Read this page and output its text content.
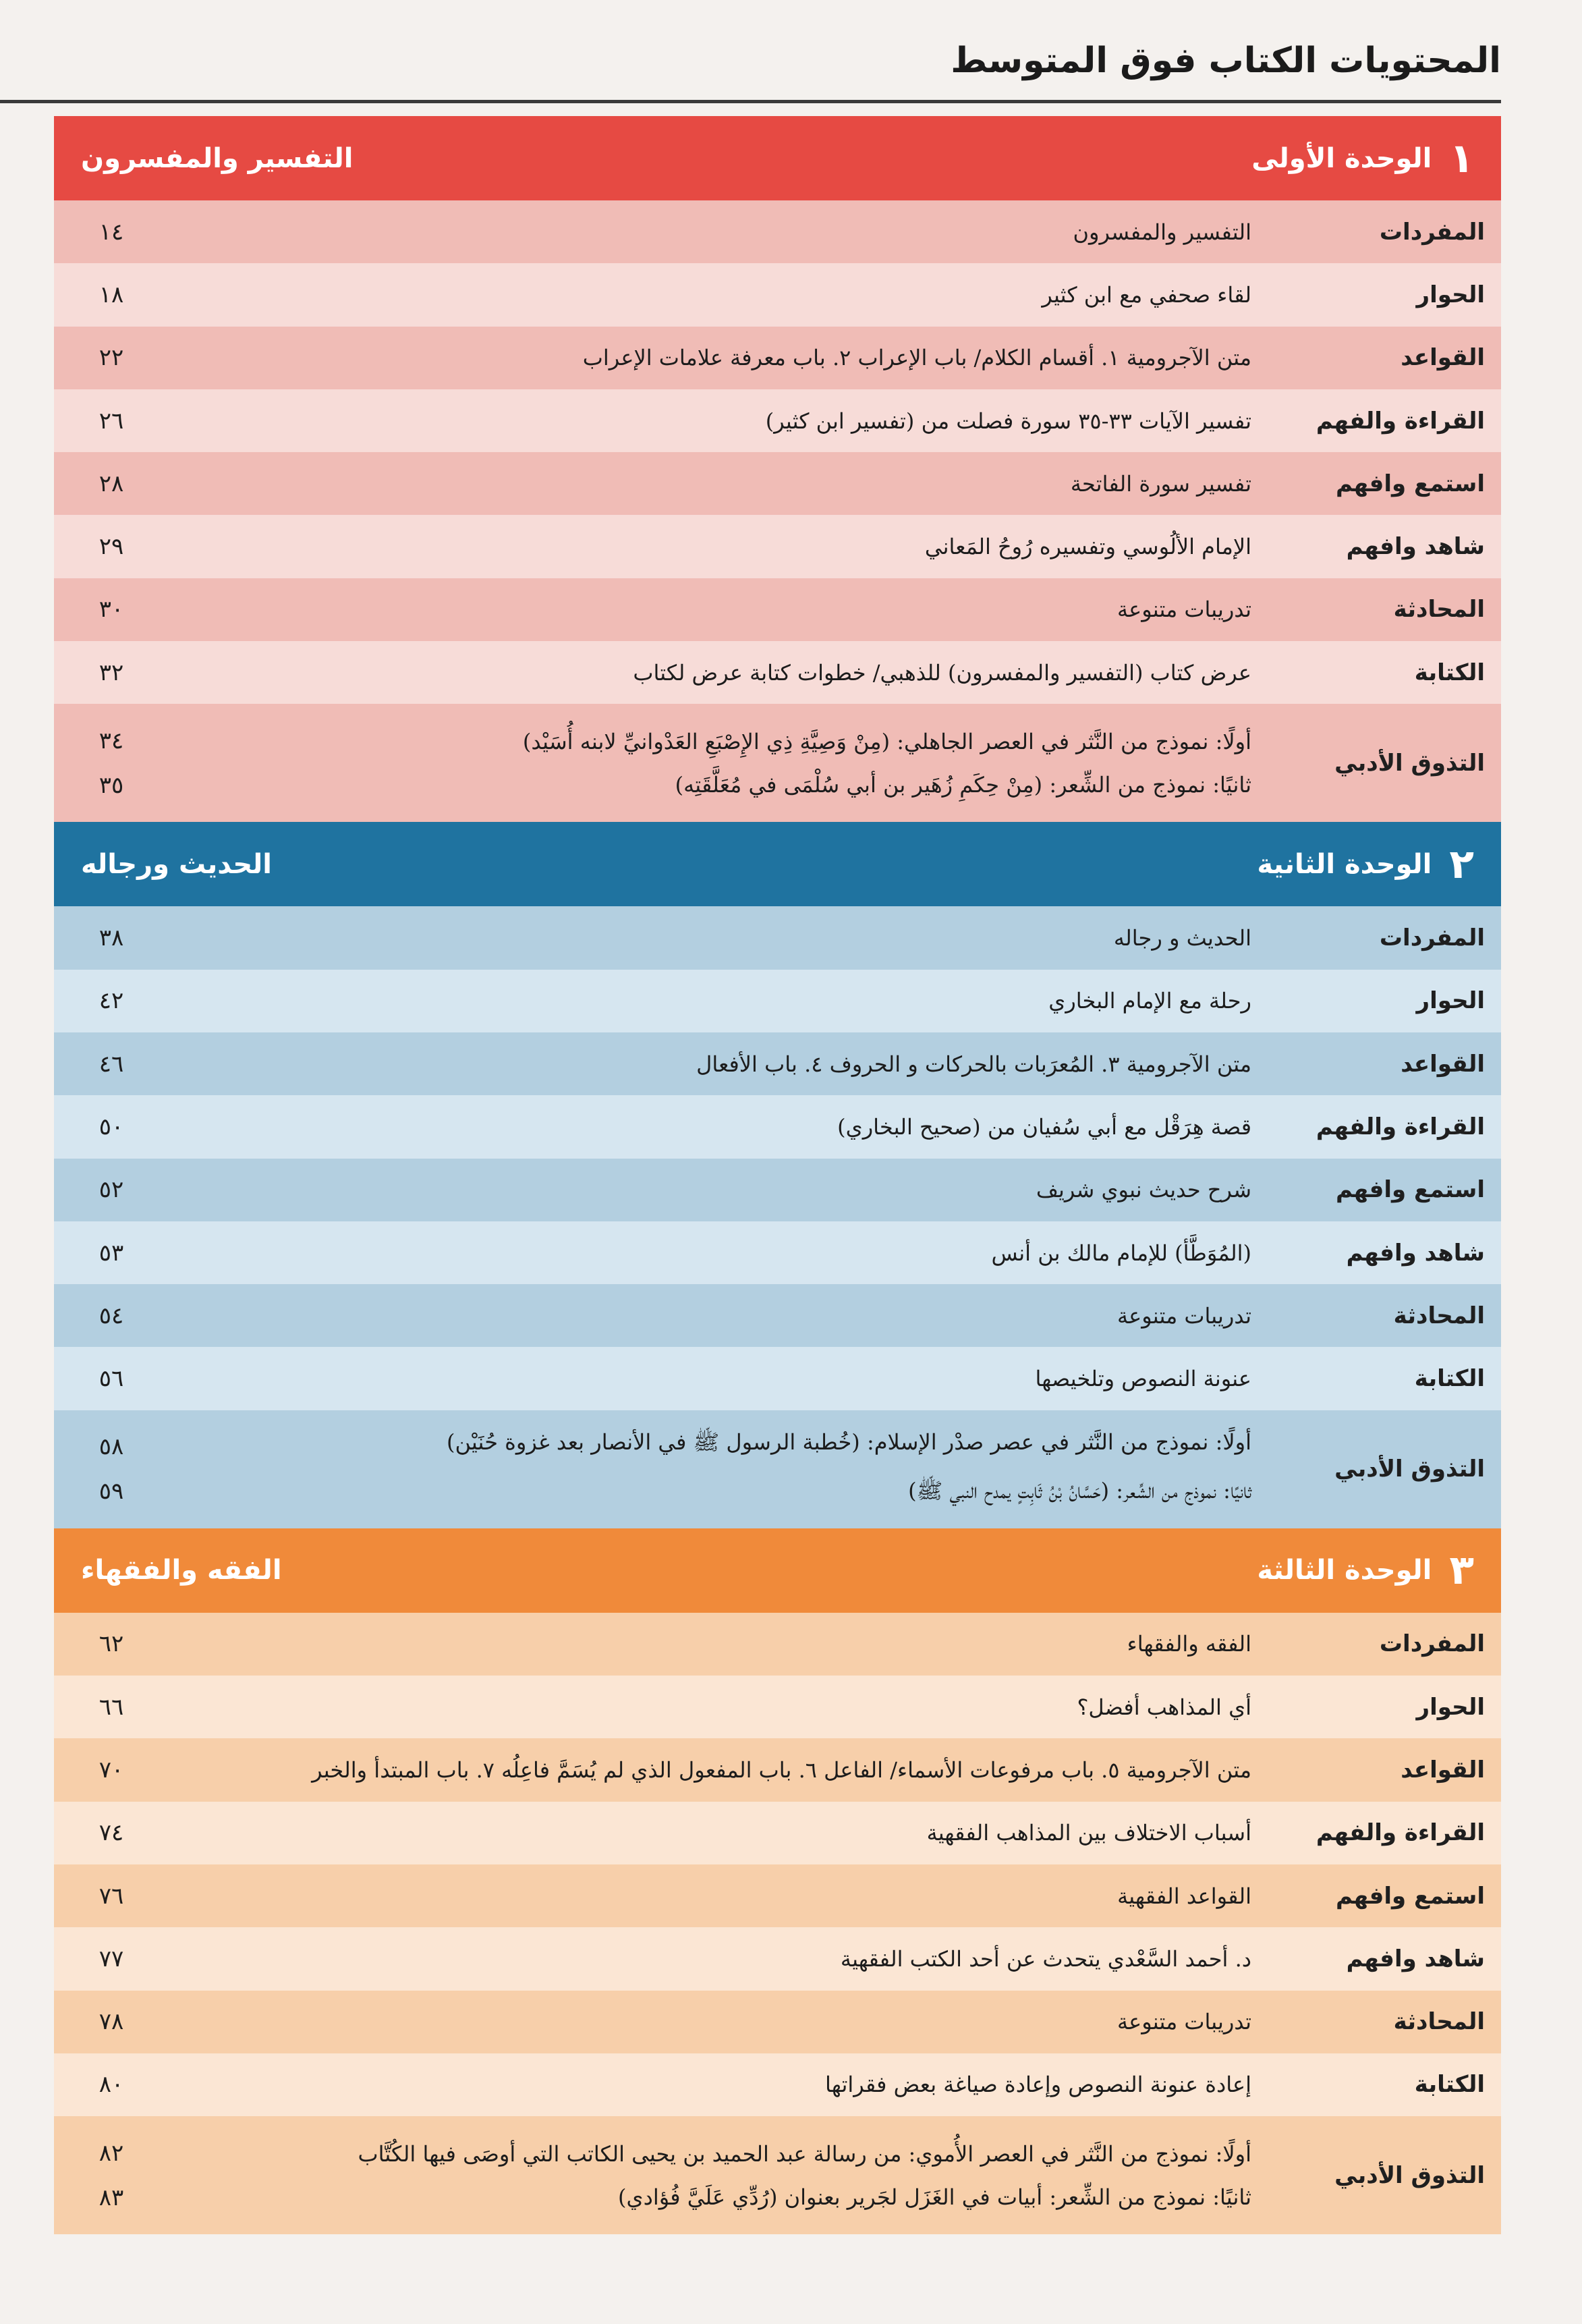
المحتويات الكتاب فوق المتوسط
١
الوحدة الأولى
التفسير والمفسرون
المفردات
التفسير والمفسرون
١٤
الحوار
لقاء صحفي مع ابن كثير
١٨
القواعد
متن الآجرومية ١. أقسام الكلام/ باب الإعراب ٢. باب معرفة علامات الإعراب
٢٢
القراءة والفهم
تفسير الآيات ٣٣-٣٥ سورة فصلت من (تفسير ابن كثير)
٢٦
استمع وافهم
تفسير سورة الفاتحة
٢٨
شاهد وافهم
الإمام الألُوسي وتفسيره رُوحُ المَعاني
٢٩
المحادثة
تدريبات متنوعة
٣٠
الكتابة
عرض كتاب (التفسير والمفسرون) للذهبي/ خطوات كتابة عرض لكتاب
٣٢
التذوق الأدبي
أولًا: نموذج من النَّثر في العصر الجاهلي: (مِنْ وَصِيَّةِ ذِي الإِصْبَعِ العَدْوانيِّ لابنه أُسَيْد)
ثانيًا: نموذج من الشِّعر: (مِنْ حِكَمِ زُهَير بن أبي سُلْمَى في مُعَلَّقَتِه)
٣٤
٣٥
٢
الوحدة الثانية
الحديث ورجاله
المفردات
الحديث و رجاله
٣٨
الحوار
رحلة مع الإمام البخاري
٤٢
القواعد
متن الآجرومية ٣. المُعرَبات بالحركات و الحروف ٤. باب الأفعال
٤٦
القراءة والفهم
قصة هِرَقْل مع أبي سُفيان من (صحيح البخاري)
٥٠
استمع وافهم
شرح حديث نبوي شريف
٥٢
شاهد وافهم
(المُوَطَّأ) للإمام مالك بن أنس
٥٣
المحادثة
تدريبات متنوعة
٥٤
الكتابة
عنونة النصوص وتلخيصها
٥٦
التذوق الأدبي
أولًا: نموذج من النَّثر في عصر صدْر الإسلام: (خُطبة الرسول ﷺ في الأنصار بعد غزوة حُنَيْن)
ثانيًا: نموذج من الشِّعر: (حَسَّانُ بْنُ ثَابِتٍ يمدح النبي ﷺ)
٥٨
٥٩
٣
الوحدة الثالثة
الفقه والفقهاء
المفردات
الفقه والفقهاء
٦٢
الحوار
أي المذاهب أفضل؟
٦٦
القواعد
متن الآجرومية ٥. باب مرفوعات الأسماء/ الفاعل ٦. باب المفعول الذي لم يُسَمَّ فاعِلُه ٧. باب المبتدأ والخبر
٧٠
القراءة والفهم
أسباب الاختلاف بين المذاهب الفقهية
٧٤
استمع وافهم
القواعد الفقهية
٧٦
شاهد وافهم
د. أحمد السَّعْدي يتحدث عن أحد الكتب الفقهية
٧٧
المحادثة
تدريبات متنوعة
٧٨
الكتابة
إعادة عنونة النصوص وإعادة صياغة بعض فقراتها
٨٠
التذوق الأدبي
أولًا: نموذج من النَّثر في العصر الأُموي: من رسالة عبد الحميد بن يحيى الكاتب التي أوصَى فيها الكُتَّاب
ثانيًا: نموذج من الشِّعر: أبيات في الغَزَل لجَرير بعنوان (رُدِّي عَلَيَّ فُؤادي)
٨٢
٨٣
